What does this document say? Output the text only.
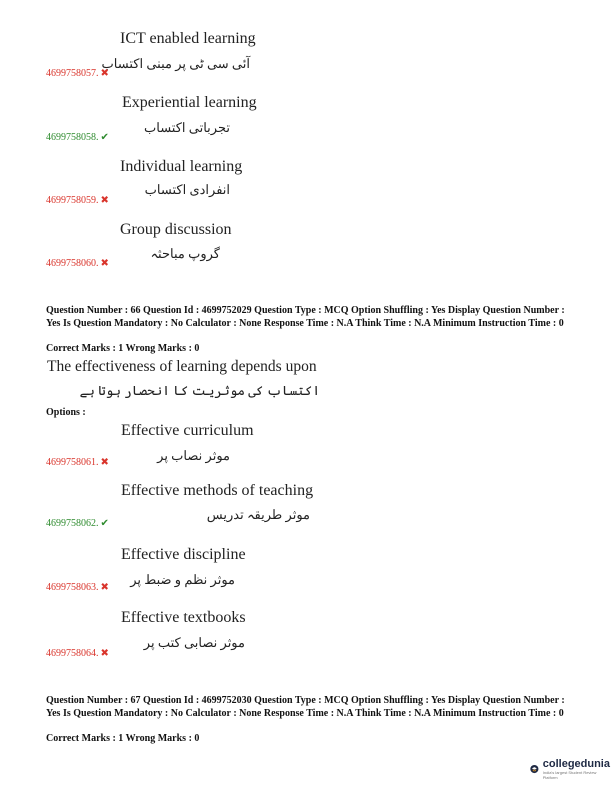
ICT enabled learning
آئی سی ٹی پر مبنی اکتساب
4699758057. ✖
Experiential learning
تجرباتی اکتساب
4699758058. ✔
Individual learning
انفرادی اکتساب
4699758059. ✖
Group discussion
گروپ مباحثہ
4699758060. ✖
Question Number : 66 Question Id : 4699752029 Question Type : MCQ Option Shuffling : Yes Display Question Number : Yes Is Question Mandatory : No Calculator : None Response Time : N.A Think Time : N.A Minimum Instruction Time : 0
Correct Marks : 1 Wrong Marks : 0
The effectiveness of learning depends upon
اکتساب کی موثریت کا انحصار ہوتا ہے
Options :
Effective curriculum
موثر نصاب پر
4699758061. ✖
Effective methods of teaching
موثر طریقہ تدریس
4699758062. ✔
Effective discipline
موثر نظم و ضبط پر
4699758063. ✖
Effective textbooks
موثر نصابی کتب پر
4699758064. ✖
Question Number : 67 Question Id : 4699752030 Question Type : MCQ Option Shuffling : Yes Display Question Number : Yes Is Question Mandatory : No Calculator : None Response Time : N.A Think Time : N.A Minimum Instruction Time : 0
Correct Marks : 1 Wrong Marks : 0
collegedunia
India's largest Student Review Platform
